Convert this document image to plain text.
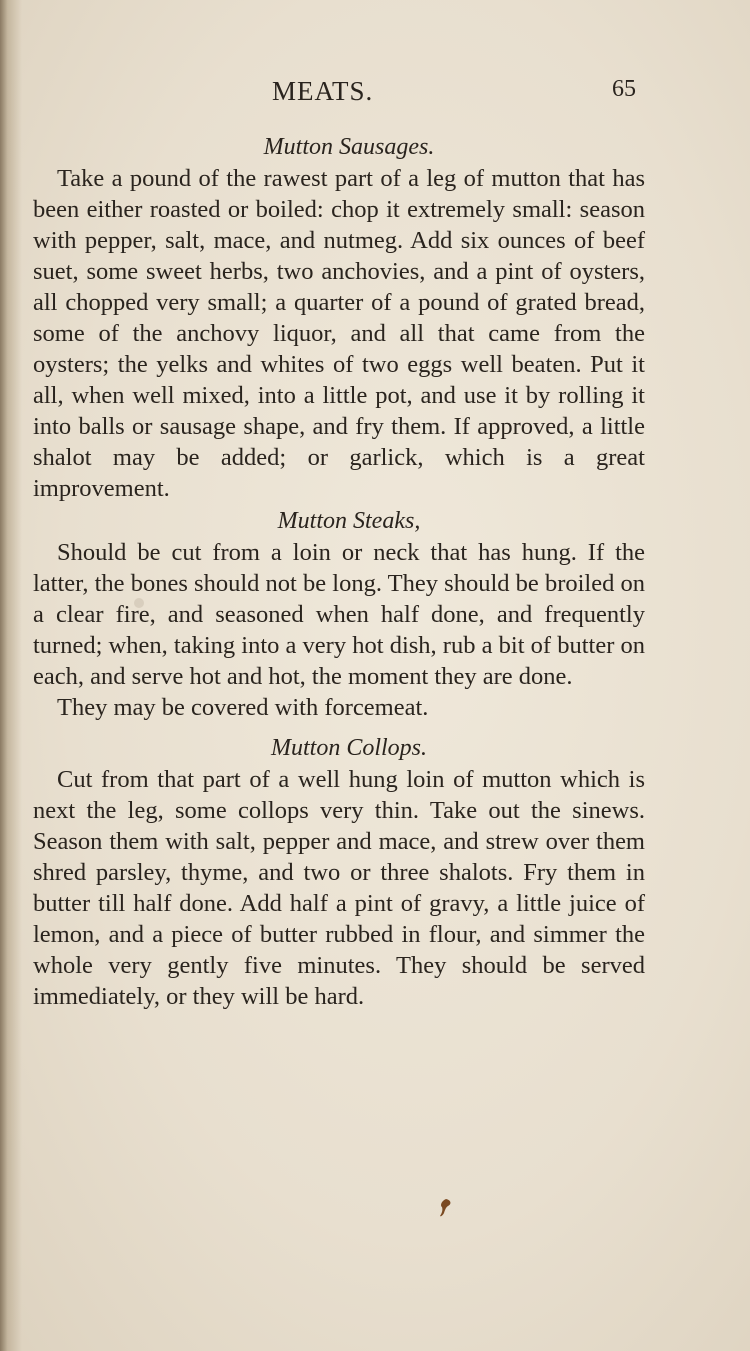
MEATS.	65
Mutton Sausages.

Take a pound of the rawest part of a leg of mutton that has been either roasted or boiled: chop it extremely small: season with pepper, salt, mace, and nutmeg. Add six ounces of beef suet, some sweet herbs, two anchovies, and a pint of oysters, all chopped very small; a quarter of a pound of grated bread, some of the anchovy liquor, and all that came from the oysters; the yelks and whites of two eggs well beaten. Put it all, when well mixed, into a little pot, and use it by rolling it into balls or sausage shape, and fry them. If approved, a little shalot may be added; or garlick, which is a great improvement.

Mutton Steaks,

Should be cut from a loin or neck that has hung. If the latter, the bones should not be long. They should be broiled on a clear fire, and seasoned when half done, and frequently turned; when, taking into a very hot dish, rub a bit of butter on each, and serve hot and hot, the moment they are done.

They may be covered with forcemeat.

Mutton Collops.

Cut from that part of a well hung loin of mutton which is next the leg, some collops very thin. Take out the sinews. Season them with salt, pepper and mace, and strew over them shred parsley, thyme, and two or three shalots. Fry them in butter till half done. Add half a pint of gravy, a little juice of lemon, and a piece of butter rubbed in flour, and simmer the whole very gently five minutes. They should be served immediately, or they will be hard.
